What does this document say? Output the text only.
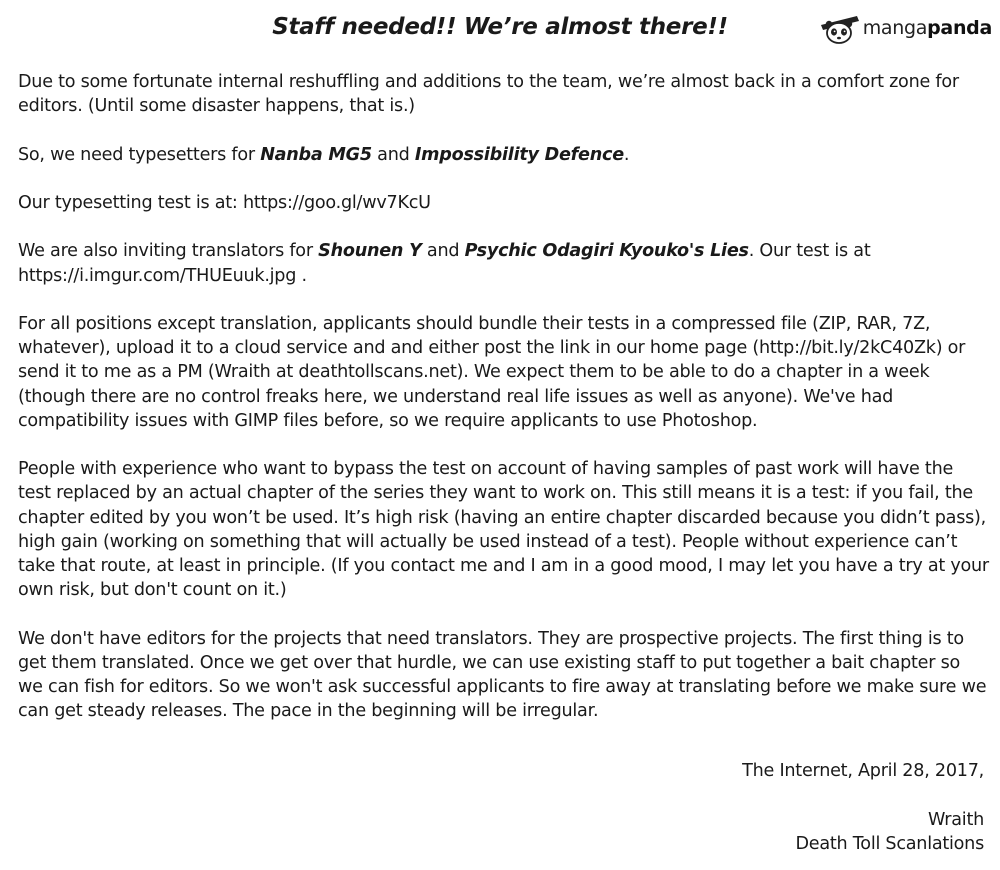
Staff needed!! We’re almost there!!	mangapanda

Due to some fortunate internal reshuffling and additions to the team, we’re almost back in a comfort zone for editors. (Until some disaster happens, that is.)

So, we need typesetters for Nanba MG5 and Impossibility Defence.

Our typesetting test is at: https://goo.gl/wv7KcU

We are also inviting translators for Shounen Y and Psychic Odagiri Kyouko's Lies. Our test is at https://i.imgur.com/THUEuuk.jpg .

For all positions except translation, applicants should bundle their tests in a compressed file (ZIP, RAR, 7Z, whatever), upload it to a cloud service and and either post the link in our home page (http://bit.ly/2kC40Zk) or send it to me as a PM (Wraith at deathtollscans.net). We expect them to be able to do a chapter in a week (though there are no control freaks here, we understand real life issues as well as anyone). We've had compatibility issues with GIMP files before, so we require applicants to use Photoshop.

People with experience who want to bypass the test on account of having samples of past work will have the test replaced by an actual chapter of the series they want to work on. This still means it is a test: if you fail, the chapter edited by you won’t be used. It’s high risk (having an entire chapter discarded because you didn’t pass), high gain (working on something that will actually be used instead of a test). People without experience can’t take that route, at least in principle. (If you contact me and I am in a good mood, I may let you have a try at your own risk, but don't count on it.)

We don't have editors for the projects that need translators. They are prospective projects. The first thing is to get them translated. Once we get over that hurdle, we can use existing staff to put together a bait chapter so we can fish for editors. So we won't ask successful applicants to fire away at translating before we make sure we can get steady releases. The pace in the beginning will be irregular.

The Internet, April 28, 2017,
Wraith
Death Toll Scanlations
